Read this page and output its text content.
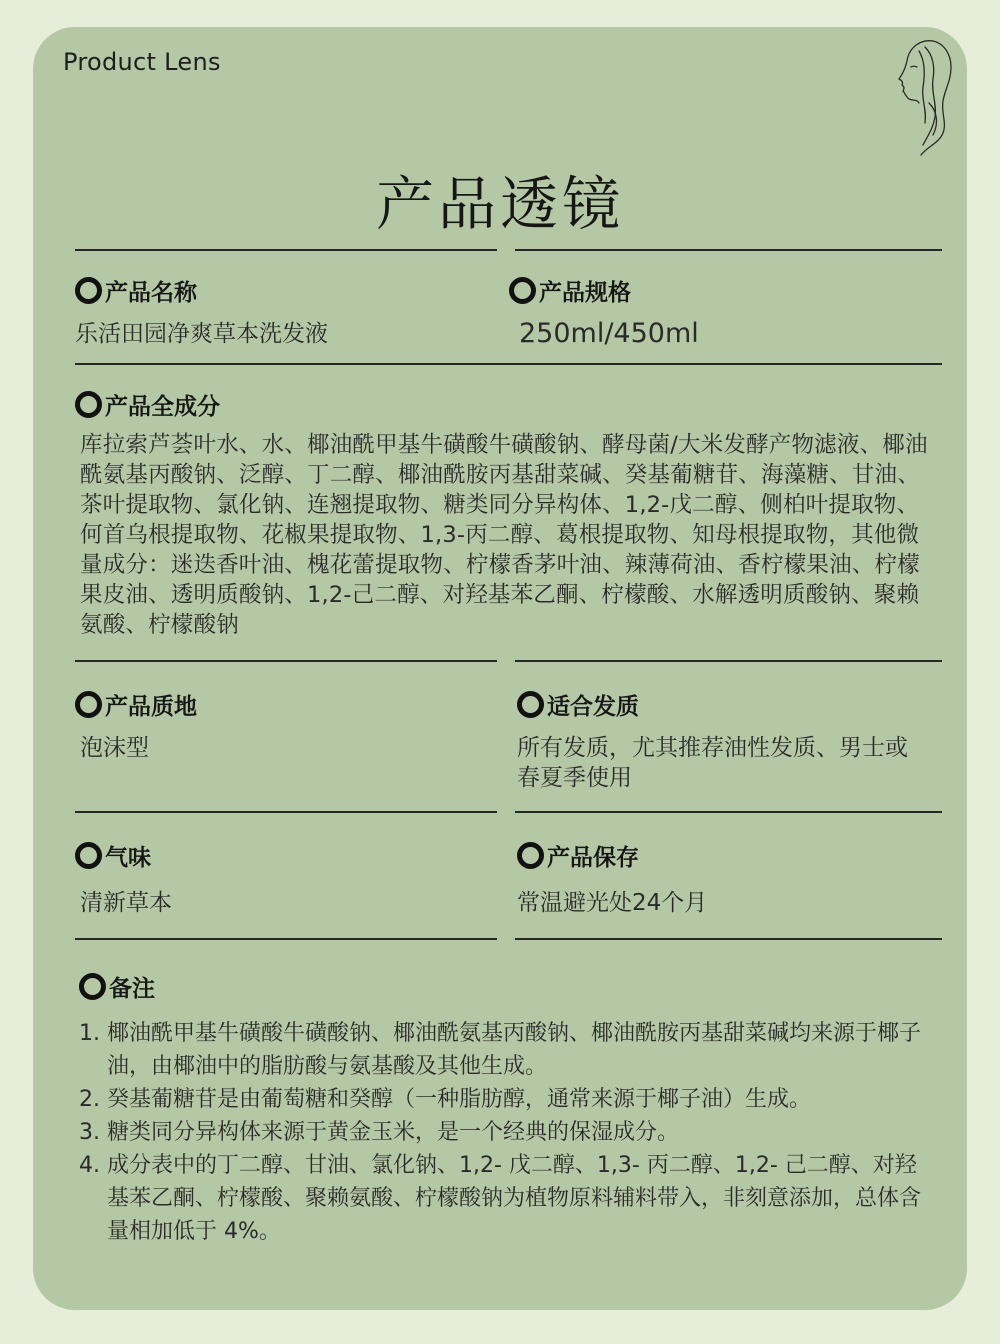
Product Lens
产品透镜
产品名称
乐活田园净爽草本洗发液
产品规格
250ml/450ml
产品全成分
库拉索芦荟叶水、水、椰油酰甲基牛磺酸牛磺酸钠、酵母菌/大米发酵产物滤液、椰油酰氨基丙酸钠、泛醇、丁二醇、椰油酰胺丙基甜菜碱、癸基葡糖苷、海藻糖、甘油、茶叶提取物、氯化钠、连翘提取物、糖类同分异构体、1,2-戊二醇、侧柏叶提取物、何首乌根提取物、花椒果提取物、1,3-丙二醇、葛根提取物、知母根提取物，其他微量成分：迷迭香叶油、槐花蕾提取物、柠檬香茅叶油、辣薄荷油、香柠檬果油、柠檬果皮油、透明质酸钠、1,2-己二醇、对羟基苯乙酮、柠檬酸、水解透明质酸钠、聚赖氨酸、柠檬酸钠
产品质地
泡沫型
适合发质
所有发质，尤其推荐油性发质、男士或春夏季使用
气味
清新草本
产品保存
常温避光处24个月
备注
1. 椰油酰甲基牛磺酸牛磺酸钠、椰油酰氨基丙酸钠、椰油酰胺丙基甜菜碱均来源于椰子油，由椰油中的脂肪酸与氨基酸及其他生成。
2. 癸基葡糖苷是由葡萄糖和癸醇（一种脂肪醇，通常来源于椰子油）生成。
3. 糖类同分异构体来源于黄金玉米，是一个经典的保湿成分。
4. 成分表中的丁二醇、甘油、氯化钠、1,2- 戊二醇、1,3- 丙二醇、1,2- 己二醇、对羟基苯乙酮、柠檬酸、聚赖氨酸、柠檬酸钠为植物原料辅料带入，非刻意添加，总体含量相加低于 4%。
